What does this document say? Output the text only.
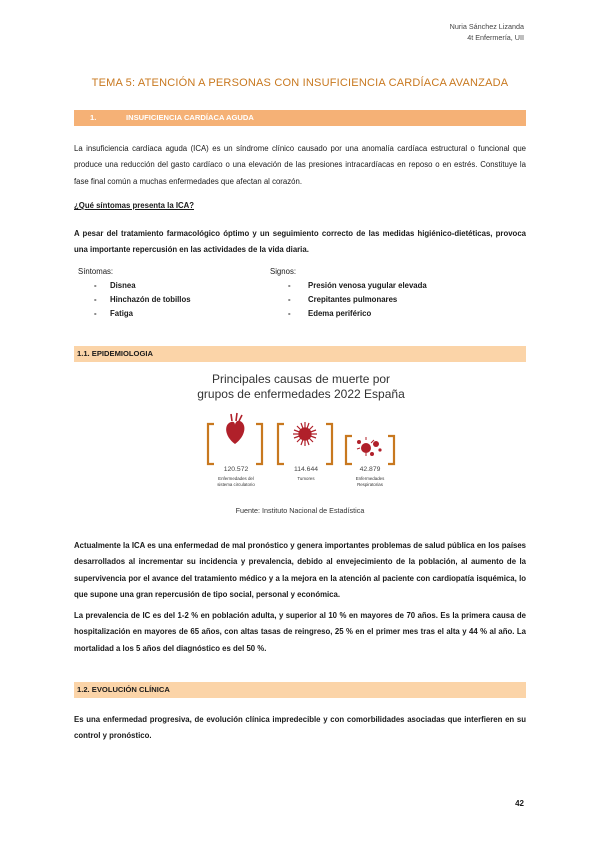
Nuria Sánchez Lizanda
4t Enfermería, UII
TEMA 5: ATENCIÓN A PERSONAS CON INSUFICIENCIA CARDÍACA AVANZADA
1.	INSUFICIENCIA CARDÍACA AGUDA
La insuficiencia cardíaca aguda (ICA) es un síndrome clínico causado por una anomalía cardíaca estructural o funcional que produce una reducción del gasto cardíaco o una elevación de las presiones intracardíacas en reposo o en estrés. Constituye la fase final común a muchas enfermedades que afectan al corazón.
¿Qué síntomas presenta la ICA?
A pesar del tratamiento farmacológico óptimo y un seguimiento correcto de las medidas higiénico-dietéticas, provoca una importante repercusión en las actividades de la vida diaria.
Síntomas:
- Disnea
- Hinchazón de tobillos
- Fatiga
Signos:
- Presión venosa yugular elevada
- Crepitantes pulmonares
- Edema periférico
1.1. EPIDEMIOLOGIA
Principales causas de muerte por
grupos de enfermedades 2022 España
120.572	114.644	42.879
Enfermedades del
sistema circulatorio
Tumores	Enfermedades
Respiratorias
Fuente: Instituto Nacional de Estadística
Actualmente la ICA es una enfermedad de mal pronóstico y genera importantes problemas de salud pública en los países desarrollados al incrementar su incidencia y prevalencia, debido al envejecimiento de la población, al aumento de la supervivencia por el avance del tratamiento médico y a la mejora en la atención al paciente con cardiopatía isquémica, lo que supone una gran repercusión de tipo social, personal y económica.
La prevalencia de IC es del 1-2 % en población adulta, y superior al 10 % en mayores de 70 años. Es la primera causa de hospitalización en mayores de 65 años, con altas tasas de reingreso, 25 % en el primer mes tras el alta y 44 % al año. La mortalidad a los 5 años del diagnóstico es del 50 %.
1.2. EVOLUCIÓN CLÍNICA
Es una enfermedad progresiva, de evolución clínica impredecible y con comorbilidades asociadas que interfieren en su control y pronóstico.
42
